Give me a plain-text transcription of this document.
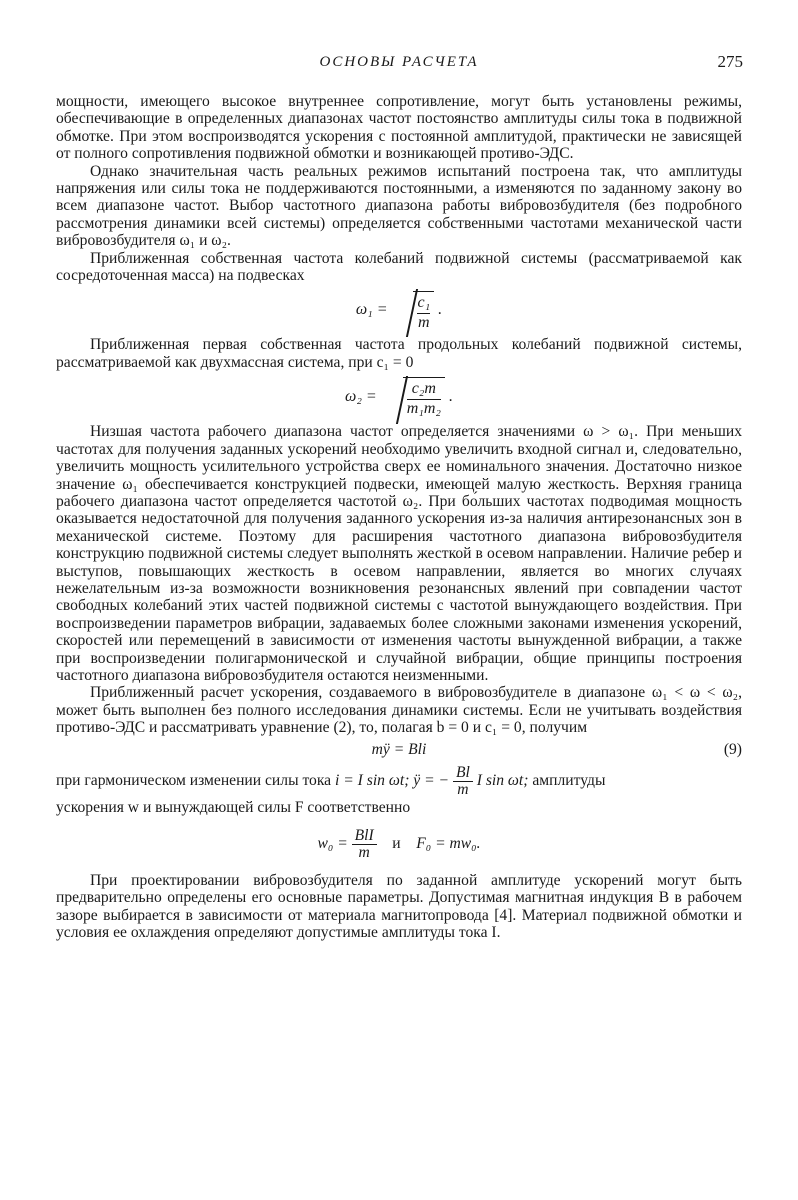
ОСНОВЫ РАСЧЕТА	275

мощности, имеющего высокое внутреннее сопротивление, могут быть установлены режимы, обеспечивающие в определенных диапазонах частот постоянство амплитуды силы тока в подвижной обмотке. При этом воспроизводятся ускорения с постоянной амплитудой, практически не зависящей от полного сопротивления подвижной обмотки и возникающей противо-ЭДС.

Однако значительная часть реальных режимов испытаний построена так, что амплитуды напряжения или силы тока не поддерживаются постоянными, а изменяются по заданному закону во всем диапазоне частот. Выбор частотного диапазона работы вибровозбудителя (без подробного рассмотрения динамики всей системы) определяется собственными частотами механической части вибровозбудителя ω₁ и ω₂.

Приближенная собственная частота колебаний подвижной системы (рассматриваемой как сосредоточенная масса) на подвесках

$\omega_1 = \frac{\text{c₁}}{m}$ .

Приближенная первая собственная частота продольных колебаний подвижной системы, рассматриваемой как двухмассная система, при c₁ = 0

$\omega_2 = \frac{\text{c₂m}}{\text{m₁m₂}}$ .

Низшая частота рабочего диапазона частот определяется значениями ω > ω₁. При меньших частотах для получения заданных ускорений необходимо увеличить входной сигнал и, следовательно, увеличить мощность усилительного устройства сверх ее номинального значения. Достаточно низкое значение ω₁ обеспечивается конструкцией подвески, имеющей малую жесткость. Верхняя граница рабочего диапазона частот определяется частотой ω₂. При бо́льших частотах подводимая мощность оказывается недостаточной для получения заданного ускорения из-за наличия антирезонансных зон в механической системе. Поэтому для расширения частотного диапазона вибровозбудителя конструкцию подвижной системы следует выполнять жесткой в осевом направлении. Наличие ребер и выступов, повышающих жесткость в осевом направлении, является во многих случаях нежелательным из-за возможности возникновения резонансных явлений при совпадении частот свободных колебаний этих частей подвижной системы с частотой вынуждающего воздействия. При воспроизведении параметров вибрации, задаваемых более сложными законами изменения ускорений, скоростей или перемещений в зависимости от изменения частоты вынужденной вибрации, а также при воспроизведении полигармонической и случайной вибрации, общие принципы построения частотного диапазона вибровозбудителя остаются неизменными.

Приближенный расчет ускорения, создаваемого в вибровозбудителе в диапазоне ω₁ < ω < ω₂, может быть выполнен без полного исследования динамики системы. Если не учитывать воздействия противо-ЭДС и рассматривать уравнение (2), то, полагая b = 0 и c₁ = 0, получим

mÿ = Bli	(9)

при гармоническом изменении силы тока i = I sin ωt; ÿ = − $\frac{Bl}{m}$ I sin ωt; амплитуды

ускорения w и вынуждающей силы F соответственно

$w_0 = \frac{\text{BlI}}{m}$ и F₀ = mw₀.

При проектировании вибровозбудителя по заданной амплитуде ускорений могут быть предварительно определены его основные параметры. Допустимая магнитная индукция B в рабочем зазоре выбирается в зависимости от материала магнитопровода [4]. Материал подвижной обмотки и условия ее охлаждения определяют допустимые амплитуды тока I.
